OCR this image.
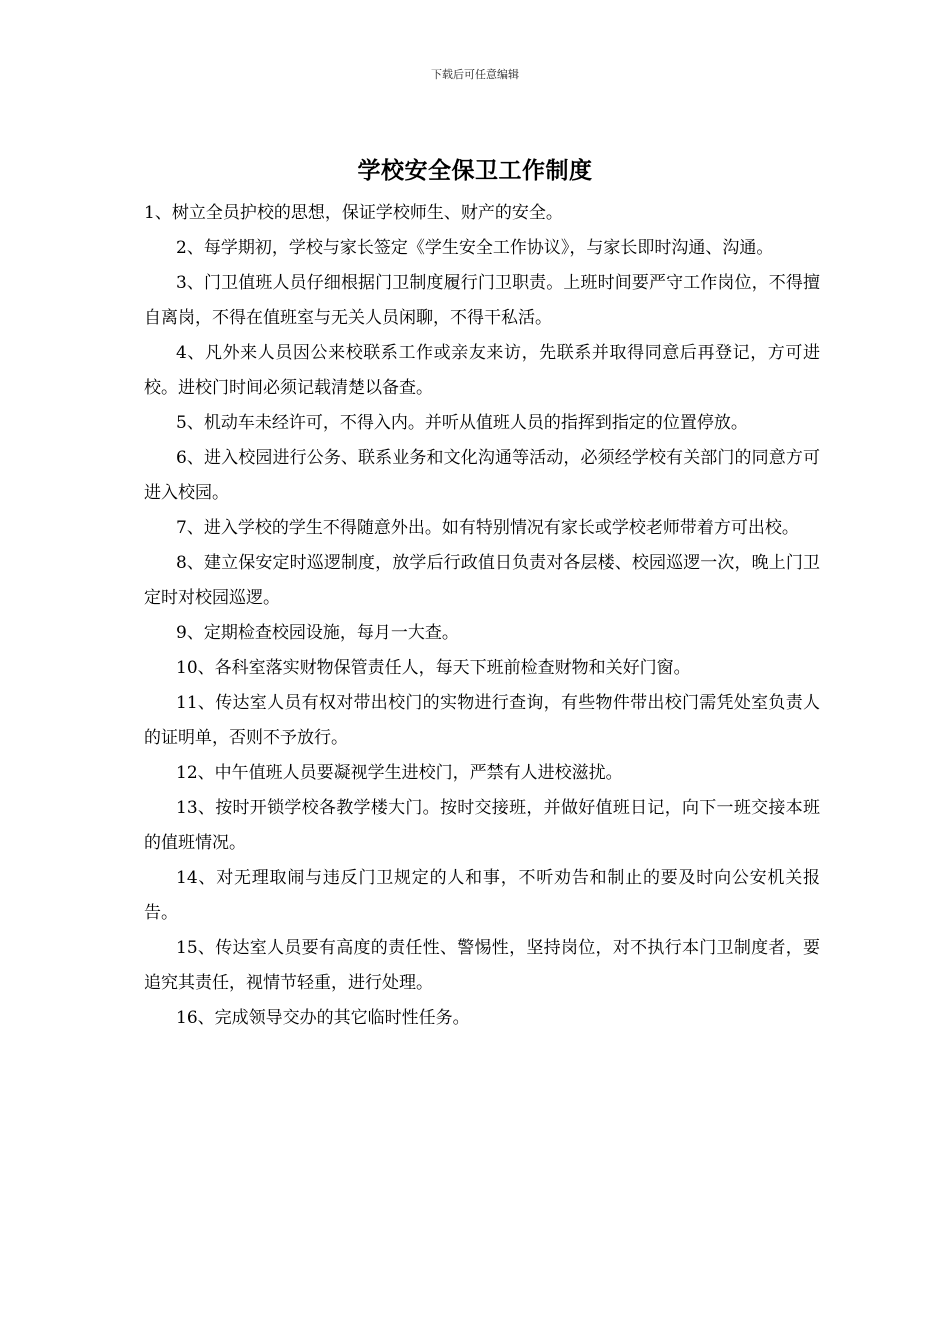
下载后可任意编辑
学校安全保卫工作制度

1、树立全员护校的思想，保证学校师生、财产的安全。

2、每学期初，学校与家长签定《学生安全工作协议》，与家长即时沟通、沟通。

3、门卫值班人员仔细根据门卫制度履行门卫职责。上班时间要严守工作岗位，不得擅自离岗，不得在值班室与无关人员闲聊，不得干私活。

4、凡外来人员因公来校联系工作或亲友来访，先联系并取得同意后再登记，方可进校。进校门时间必须记载清楚以备查。

5、机动车未经许可，不得入内。并听从值班人员的指挥到指定的位置停放。

6、进入校园进行公务、联系业务和文化沟通等活动，必须经学校有关部门的同意方可进入校园。

7、进入学校的学生不得随意外出。如有特别情况有家长或学校老师带着方可出校。

8、建立保安定时巡逻制度，放学后行政值日负责对各层楼、校园巡逻一次，晚上门卫定时对校园巡逻。

9、定期检查校园设施，每月一大查。

10、各科室落实财物保管责任人，每天下班前检查财物和关好门窗。

11、传达室人员有权对带出校门的实物进行查询，有些物件带出校门需凭处室负责人的证明单，否则不予放行。

12、中午值班人员要凝视学生进校门，严禁有人进校滋扰。

13、按时开锁学校各教学楼大门。按时交接班，并做好值班日记，向下一班交接本班的值班情况。

14、对无理取闹与违反门卫规定的人和事，不听劝告和制止的要及时向公安机关报告。

15、传达室人员要有高度的责任性、警惕性，坚持岗位，对不执行本门卫制度者，要追究其责任，视情节轻重，进行处理。

16、完成领导交办的其它临时性任务。
